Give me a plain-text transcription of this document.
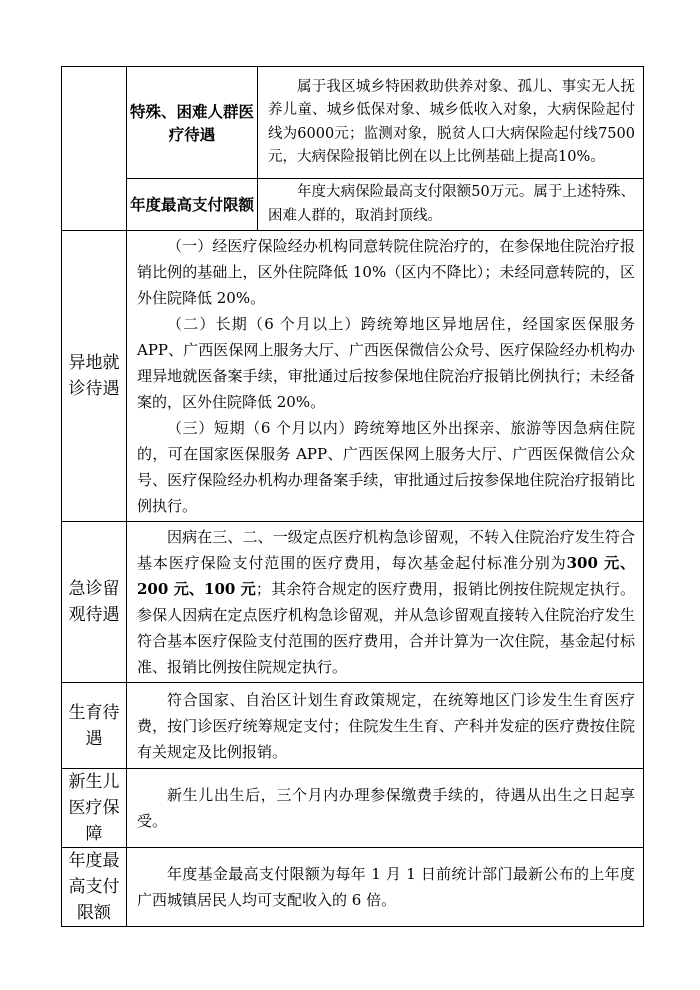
	特殊、困难人群医疗待遇	属于我区城乡特困救助供养对象、孤儿、事实无人抚养儿童、城乡低保对象、城乡低收入对象，大病保险起付线为6000元；监测对象，脱贫人口大病保险起付线7500元，大病保险报销比例在以上比例基础上提高10%。

	年度最高支付限额	年度大病保险最高支付限额50万元。属于上述特殊、困难人群的，取消封顶线。

异地就诊待遇	（一）经医疗保险经办机构同意转院住院治疗的，在参保地住院治疗报销比例的基础上，区外住院降低 10%（区内不降比）；未经同意转院的，区外住院降低 20%。

（二）长期（6 个月以上）跨统筹地区异地居住，经国家医保服务 APP、广西医保网上服务大厅、广西医保微信公众号、医疗保险经办机构办理异地就医备案手续，审批通过后按参保地住院治疗报销比例执行；未经备案的，区外住院降低 20%。

（三）短期（6 个月以内）跨统筹地区外出探亲、旅游等因急病住院的，可在国家医保服务 APP、广西医保网上服务大厅、广西医保微信公众号、医疗保险经办机构办理备案手续，审批通过后按参保地住院治疗报销比例执行。	

急诊留观待遇	因病在三、二、一级定点医疗机构急诊留观，不转入住院治疗发生符合基本医疗保险支付范围的医疗费用，每次基金起付标准分别为300 元、200 元、100 元；其余符合规定的医疗费用，报销比例按住院规定执行。参保人因病在定点医疗机构急诊留观，并从急诊留观直接转入住院治疗发生符合基本医疗保险支付范围的医疗费用，合并计算为一次住院，基金起付标准、报销比例按住院规定执行。	

生育待遇	符合国家、自治区计划生育政策规定，在统筹地区门诊发生生育医疗费，按门诊医疗统筹规定支付；住院发生生育、产科并发症的医疗费按住院有关规定及比例报销。	

新生儿医疗保障	新生儿出生后，三个月内办理参保缴费手续的，待遇从出生之日起享受。	

年度最高支付限额	年度基金最高支付限额为每年 1 月 1 日前统计部门最新公布的上年度广西城镇居民人均可支配收入的 6 倍。	
